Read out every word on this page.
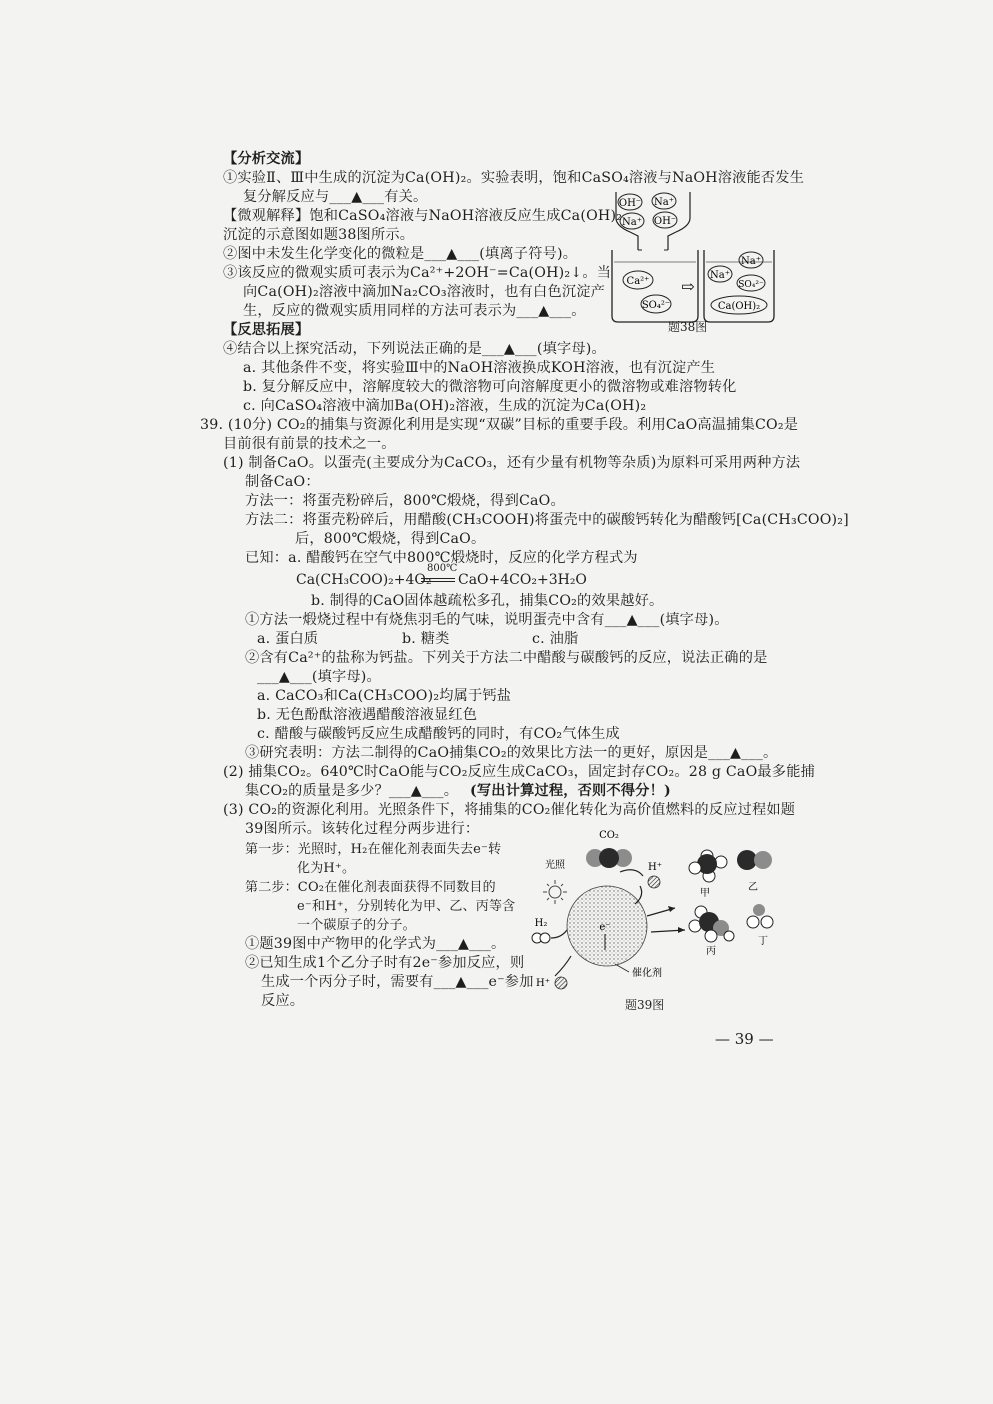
【分析交流】
①实验Ⅱ、Ⅲ中生成的沉淀为Ca(OH)₂。实验表明，饱和CaSO₄溶液与NaOH溶液能否发生
复分解反应与___▲___有关。
【微观解释】饱和CaSO₄溶液与NaOH溶液反应生成Ca(OH)₂
沉淀的示意图如题38图所示。
②图中未发生化学变化的微粒是___▲___(填离子符号)。
③该反应的微观实质可表示为Ca²⁺+2OH⁻=Ca(OH)₂↓。当
向Ca(OH)₂溶液中滴加Na₂CO₃溶液时，也有白色沉淀产
生，反应的微观实质用同样的方法可表示为___▲___。
【反思拓展】
④结合以上探究活动，下列说法正确的是___▲___(填字母)。
a. 其他条件不变，将实验Ⅲ中的NaOH溶液换成KOH溶液，也有沉淀产生
b. 复分解反应中，溶解度较大的微溶物可向溶解度更小的微溶物或难溶物转化
c. 向CaSO₄溶液中滴加Ba(OH)₂溶液，生成的沉淀为Ca(OH)₂
OH⁻ Na⁺
Na⁺ OH⁻
Ca²⁺
SO₄²⁻
⇨
Na⁺
Na⁺
SO₄²⁻
Ca(OH)₂
题38图
39. (10分) CO₂的捕集与资源化利用是实现“双碳”目标的重要手段。利用CaO高温捕集CO₂是
目前很有前景的技术之一。
(1) 制备CaO。以蛋壳(主要成分为CaCO₃，还有少量有机物等杂质)为原料可采用两种方法
制备CaO：
方法一：将蛋壳粉碎后，800℃煅烧，得到CaO。
方法二：将蛋壳粉碎后，用醋酸(CH₃COOH)将蛋壳中的碳酸钙转化为醋酸钙[Ca(CH₃COO)₂]
后，800℃煅烧，得到CaO。
已知：a. 醋酸钙在空气中800℃煅烧时，反应的化学方程式为
Ca(CH₃COO)₂+4O₂
800℃
CaO+4CO₂+3H₂O
b. 制得的CaO固体越疏松多孔，捕集CO₂的效果越好。
①方法一煅烧过程中有烧焦羽毛的气味，说明蛋壳中含有___▲___(填字母)。
a. 蛋白质	b. 糖类	c. 油脂
②含有Ca²⁺的盐称为钙盐。下列关于方法二中醋酸与碳酸钙的反应，说法正确的是
___▲___(填字母)。
a. CaCO₃和Ca(CH₃COO)₂均属于钙盐
b. 无色酚酞溶液遇醋酸溶液显红色
c. 醋酸与碳酸钙反应生成醋酸钙的同时，有CO₂气体生成
③研究表明：方法二制得的CaO捕集CO₂的效果比方法一的更好，原因是___▲___。
(2) 捕集CO₂。640℃时CaO能与CO₂反应生成CaCO₃，固定封存CO₂。28 g CaO最多能捕
集CO₂的质量是多少？___▲___。 (写出计算过程，否则不得分！)
(3) CO₂的资源化利用。光照条件下，将捕集的CO₂催化转化为高价值燃料的反应过程如题
39图所示。该转化过程分两步进行：
第一步：光照时，H₂在催化剂表面失去e⁻转
化为H⁺。
第二步：CO₂在催化剂表面获得不同数目的
e⁻和H⁺，分别转化为甲、乙、丙等含
一个碳原子的分子。
①题39图中产物甲的化学式为___▲___。
②已知生成1个乙分子时有2e⁻参加反应，则
生成一个丙分子时，需要有___▲___e⁻参加
反应。
CO₂
光照	H⁺
e⁻
H₂
催化剂
H⁺
甲
乙
丙
丁
题39图
— 39 —
